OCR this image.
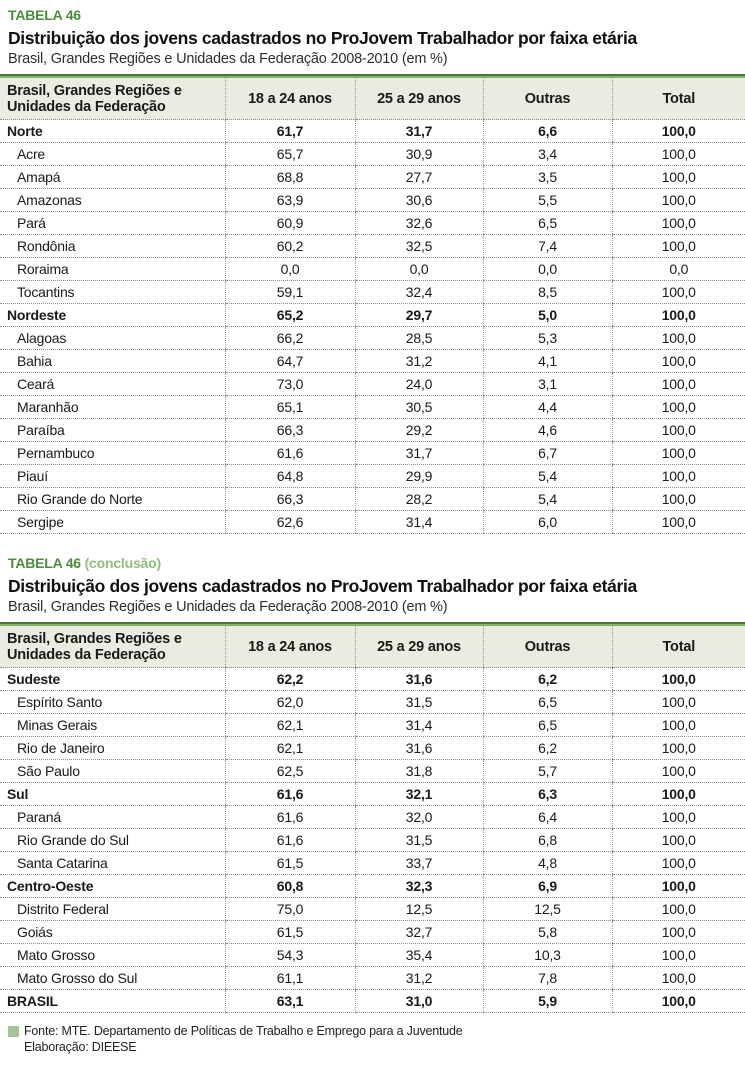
TABELA 46
Distribuição dos jovens cadastrados no ProJovem Trabalhador por faixa etária
Brasil, Grandes Regiões e Unidades da Federação 2008-2010 (em %)
Brasil, Grandes Regiões e Unidades da Federação	18 a 24 anos	25 a 29 anos	Outras	Total
Norte	61,7	31,7	6,6	100,0
Acre	65,7	30,9	3,4	100,0
Amapá	68,8	27,7	3,5	100,0
Amazonas	63,9	30,6	5,5	100,0
Pará	60,9	32,6	6,5	100,0
Rondônia	60,2	32,5	7,4	100,0
Roraima	0,0	0,0	0,0	0,0
Tocantins	59,1	32,4	8,5	100,0
Nordeste	65,2	29,7	5,0	100,0
Alagoas	66,2	28,5	5,3	100,0
Bahia	64,7	31,2	4,1	100,0
Ceará	73,0	24,0	3,1	100,0
Maranhão	65,1	30,5	4,4	100,0
Paraíba	66,3	29,2	4,6	100,0
Pernambuco	61,6	31,7	6,7	100,0
Piauí	64,8	29,9	5,4	100,0
Rio Grande do Norte	66,3	28,2	5,4	100,0
Sergipe	62,6	31,4	6,0	100,0
TABELA 46 (conclusão)
Distribuição dos jovens cadastrados no ProJovem Trabalhador por faixa etária
Brasil, Grandes Regiões e Unidades da Federação 2008-2010 (em %)
Brasil, Grandes Regiões e Unidades da Federação	18 a 24 anos	25 a 29 anos	Outras	Total
Sudeste	62,2	31,6	6,2	100,0
Espírito Santo	62,0	31,5	6,5	100,0
Minas Gerais	62,1	31,4	6,5	100,0
Rio de Janeiro	62,1	31,6	6,2	100,0
São Paulo	62,5	31,8	5,7	100,0
Sul	61,6	32,1	6,3	100,0
Paraná	61,6	32,0	6,4	100,0
Rio Grande do Sul	61,6	31,5	6,8	100,0
Santa Catarina	61,5	33,7	4,8	100,0
Centro-Oeste	60,8	32,3	6,9	100,0
Distrito Federal	75,0	12,5	12,5	100,0
Goiás	61,5	32,7	5,8	100,0
Mato Grosso	54,3	35,4	10,3	100,0
Mato Grosso do Sul	61,1	31,2	7,8	100,0
BRASIL	63,1	31,0	5,9	100,0
Fonte: MTE. Departamento de Políticas de Trabalho e Emprego para a Juventude
Elaboração: DIEESE
